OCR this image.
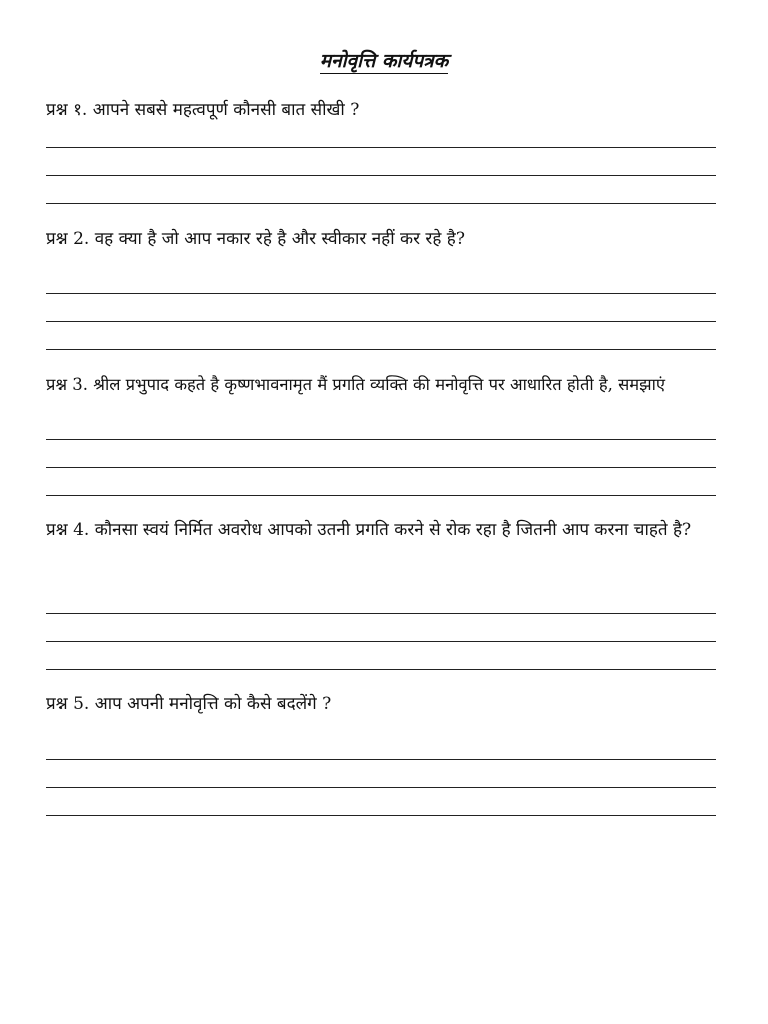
मनोवृत्ति कार्यपत्रक
प्रश्न १. आपने सबसे महत्वपूर्ण कौनसी बात सीखी ?
प्रश्न 2. वह क्या है जो आप नकार रहे है और स्वीकार नहीं कर रहे है?
प्रश्न 3. श्रील प्रभुपाद कहते है कृष्णभावनामृत मैं प्रगति व्यक्ति की मनोवृत्ति पर आधारित होती है, समझाएं
प्रश्न 4. कौनसा स्वयं निर्मित अवरोध आपको उतनी प्रगति करने से रोक रहा है जितनी आप करना चाहते है?
प्रश्न 5. आप अपनी मनोवृत्ति को कैसे बदलेंगे ?
